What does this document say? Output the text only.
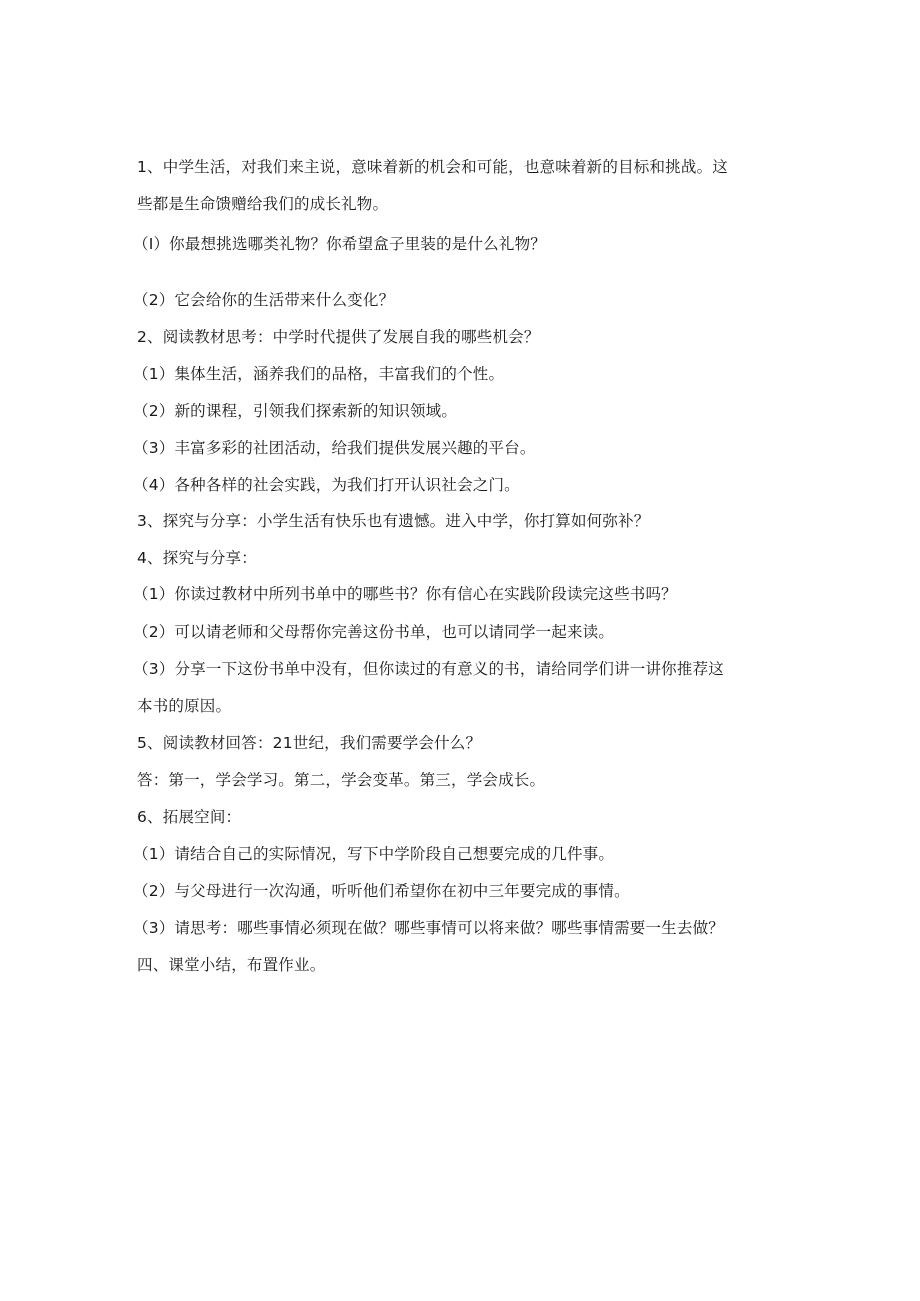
1、中学生活，对我们来主说，意味着新的机会和可能，也意味着新的目标和挑战。这
些都是生命馈赠给我们的成长礼物。
（I）你最想挑选哪类礼物？你希望盒子里装的是什么礼物？
（2）它会给你的生活带来什么变化？
2、阅读教材思考：中学时代提供了发展自我的哪些机会？
（1）集体生活，涵养我们的品格，丰富我们的个性。
（2）新的课程，引领我们探索新的知识领域。
（3）丰富多彩的社团活动，给我们提供发展兴趣的平台。
（4）各种各样的社会实践，为我们打开认识社会之门。
3、探究与分享：小学生活有快乐也有遗憾。进入中学，你打算如何弥补？
4、探究与分享：
（1）你读过教材中所列书单中的哪些书？你有信心在实践阶段读完这些书吗？
（2）可以请老师和父母帮你完善这份书单，也可以请同学一起来读。
（3）分享一下这份书单中没有，但你读过的有意义的书，请给同学们讲一讲你推荐这
本书的原因。
5、阅读教材回答：21世纪，我们需要学会什么？
答：第一，学会学习。第二，学会变革。第三，学会成长。
6、拓展空间：
（1）请结合自己的实际情况，写下中学阶段自己想要完成的几件事。
（2）与父母进行一次沟通，听听他们希望你在初中三年要完成的事情。
（3）请思考：哪些事情必须现在做？哪些事情可以将来做？哪些事情需要一生去做？
四、课堂小结，布置作业。
